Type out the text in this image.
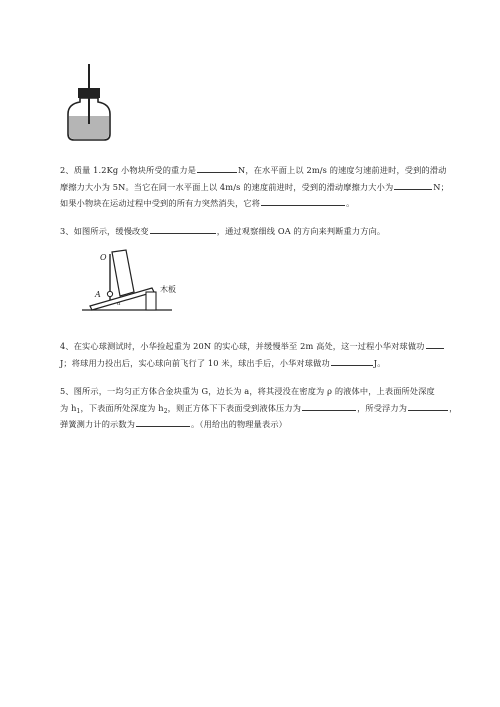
2、质量 1.2Kg 小物块所受的重力是	N，在水平面上以 2m/s 的速度匀速前进时，受到的滑动
摩擦力大小为 5N。当它在同一水平面上以 4m/s 的速度前进时，受到的滑动摩擦力大小为	N；
如果小物块在运动过程中受到的所有力突然消失，它将	。
3、如图所示，缓慢改变	，通过观察细线 OA 的方向来判断重力方向。
O
A
α
木板
4、在实心球测试时，小华捡起重为 20N 的实心球，并缓慢举至 2m 高处，这一过程小华对球做功
J；将球用力投出后，实心球向前飞行了 10 米，球出手后，小华对球做功	J。
5、图所示，一均匀正方体合金块重为 G，边长为 a，将其浸没在密度为 ρ 的液体中，上表面所处深度
为 $h_1$，下表面所处深度为 $h_2$，则正方体下下表面受到液体压力为	，所受浮力为	，
弹簧测力计的示数为	。（用给出的物理量表示）
